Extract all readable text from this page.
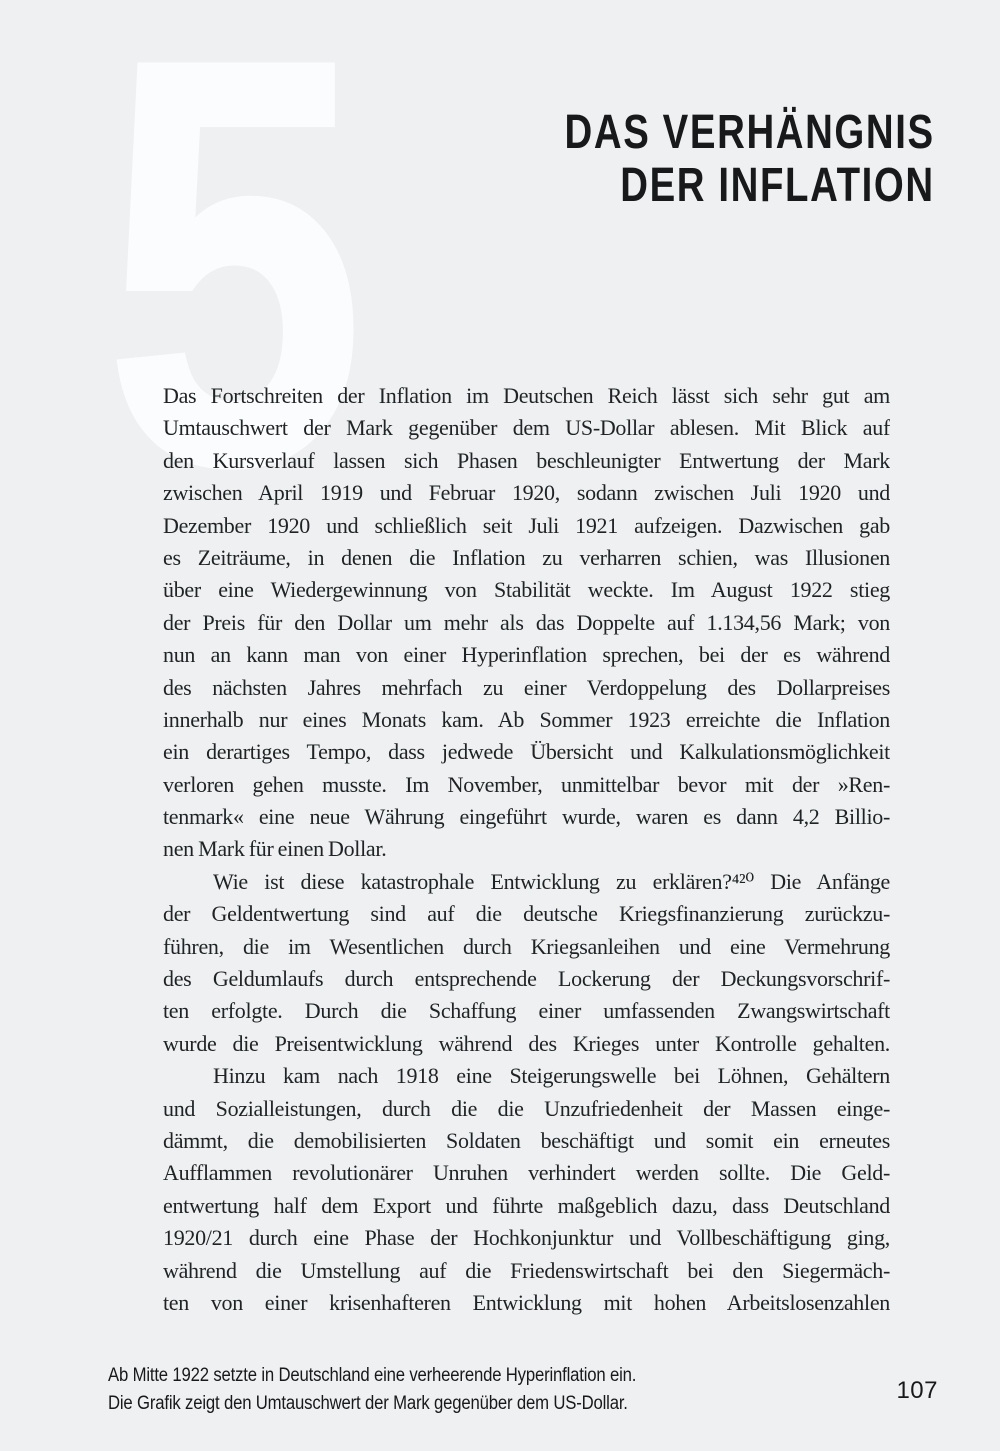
5	DAS VERHÄNGNIS
DER INFLATION
Das Fortschreiten der Inflation im Deutschen Reich lässt sich sehr gut am
Umtauschwert der Mark gegenüber dem US-Dollar ablesen. Mit Blick auf
den Kursverlauf lassen sich Phasen beschleunigter Entwertung der Mark
zwischen April 1919 und Februar 1920, sodann zwischen Juli 1920 und
Dezember 1920 und schließlich seit Juli 1921 aufzeigen. Dazwischen gab
es Zeiträume, in denen die Inflation zu verharren schien, was Illusionen
über eine Wiedergewinnung von Stabilität weckte. Im August 1922 stieg
der Preis für den Dollar um mehr als das Doppelte auf 1.134,56 Mark; von
nun an kann man von einer Hyperinflation sprechen, bei der es während
des nächsten Jahres mehrfach zu einer Verdoppelung des Dollarpreises
innerhalb nur eines Monats kam. Ab Sommer 1923 erreichte die Inflation
ein derartiges Tempo, dass jedwede Übersicht und Kalkulationsmöglichkeit
verloren gehen musste. Im November, unmittelbar bevor mit der »Ren-
tenmark« eine neue Währung eingeführt wurde, waren es dann 4,2 Billio-
nen Mark für einen Dollar.
Wie ist diese katastrophale Entwicklung zu erklären?⁴²⁰ Die Anfänge
der Geldentwertung sind auf die deutsche Kriegsfinanzierung zurückzu-
führen, die im Wesentlichen durch Kriegsanleihen und eine Vermehrung
des Geldumlaufs durch entsprechende Lockerung der Deckungsvorschrif-
ten erfolgte. Durch die Schaffung einer umfassenden Zwangswirtschaft
wurde die Preisentwicklung während des Krieges unter Kontrolle gehalten.
Hinzu kam nach 1918 eine Steigerungswelle bei Löhnen, Gehältern
und Sozialleistungen, durch die die Unzufriedenheit der Massen einge-
dämmt, die demobilisierten Soldaten beschäftigt und somit ein erneutes
Aufflammen revolutionärer Unruhen verhindert werden sollte. Die Geld-
entwertung half dem Export und führte maßgeblich dazu, dass Deutschland
1920/21 durch eine Phase der Hochkonjunktur und Vollbeschäftigung ging,
während die Umstellung auf die Friedenswirtschaft bei den Siegermäch-
ten von einer krisenhafteren Entwicklung mit hohen Arbeitslosenzahlen
Ab Mitte 1922 setzte in Deutschland eine verheerende Hyperinflation ein.
Die Grafik zeigt den Umtauschwert der Mark gegenüber dem US-Dollar.	107
